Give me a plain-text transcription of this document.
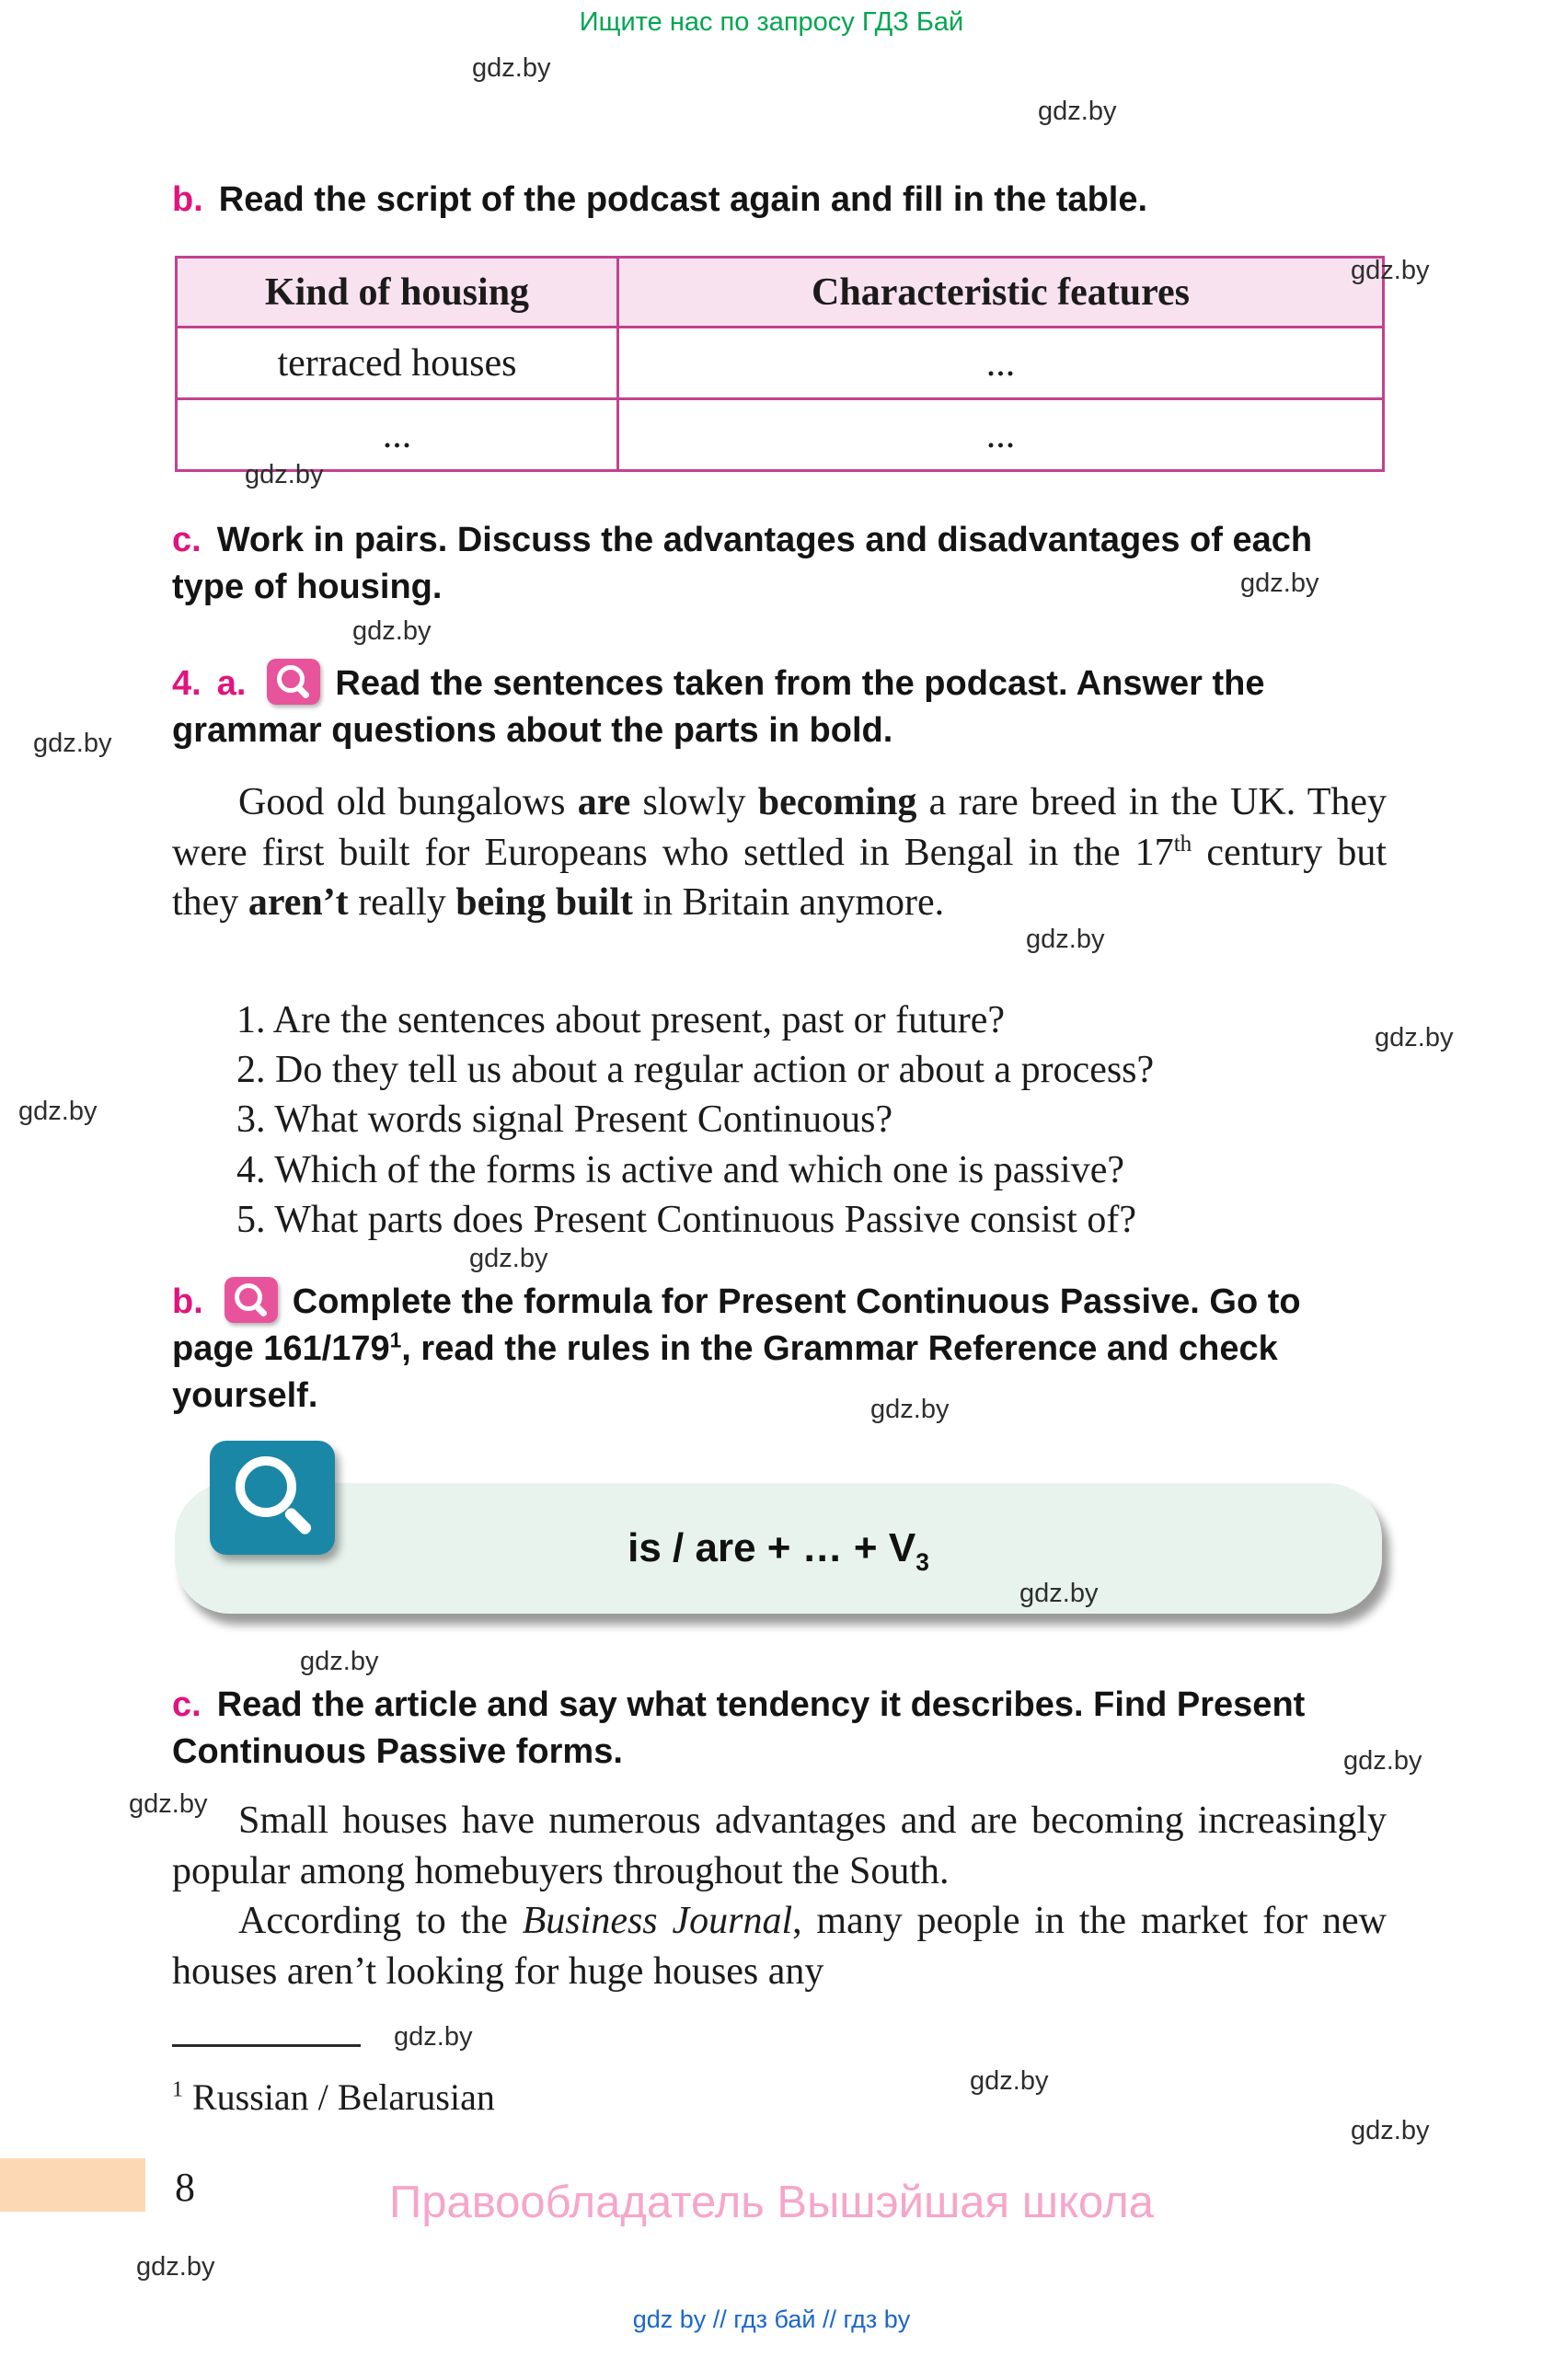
Ищите нас по запросу ГДЗ Бай

b. Read the script of the podcast again and fill in the table.

Kind of housing	Characteristic features
terraced houses	...
...	...

c. Work in pairs. Discuss the advantages and disadvantages of each type of housing.

4. a.	Read the sentences taken from the podcast. Answer the grammar questions about the parts in bold.

Good old bungalows are slowly becoming a rare breed in the UK. They were first built for Europeans who settled in Bengal in the 17th century but they aren’t really being built in Britain anymore.

1. Are the sentences about present, past or future?
2. Do they tell us about a regular action or about a process?
3. What words signal Present Continuous?
4. Which of the forms is active and which one is passive?
5. What parts does Present Continuous Passive consist of?

b.	Complete the formula for Present Continuous Passive. Go to page $161/179^1$, read the rules in the Grammar Reference and check yourself.

is / are + … + $V_3$

c. Read the article and say what tendency it describes. Find Present Continuous Passive forms.

Small houses have numerous advantages and are becoming increasingly popular among homebuyers throughout the South.

According to the Business Journal, many people in the market for new houses aren’t looking for huge houses any

$^1$ Russian / Belarusian

8	Правообладатель Вышэйшая школа
gdz by // гдз бай // гдз by
gdz.by
gdz.by
gdz.by
gdz.by
gdz.by
gdz.by
gdz.by
gdz.by
gdz.by
gdz.by
gdz.by
gdz.by
gdz.by
gdz.by
gdz.by
gdz.by
gdz.by
gdz.by
gdz.by
gdz.by
